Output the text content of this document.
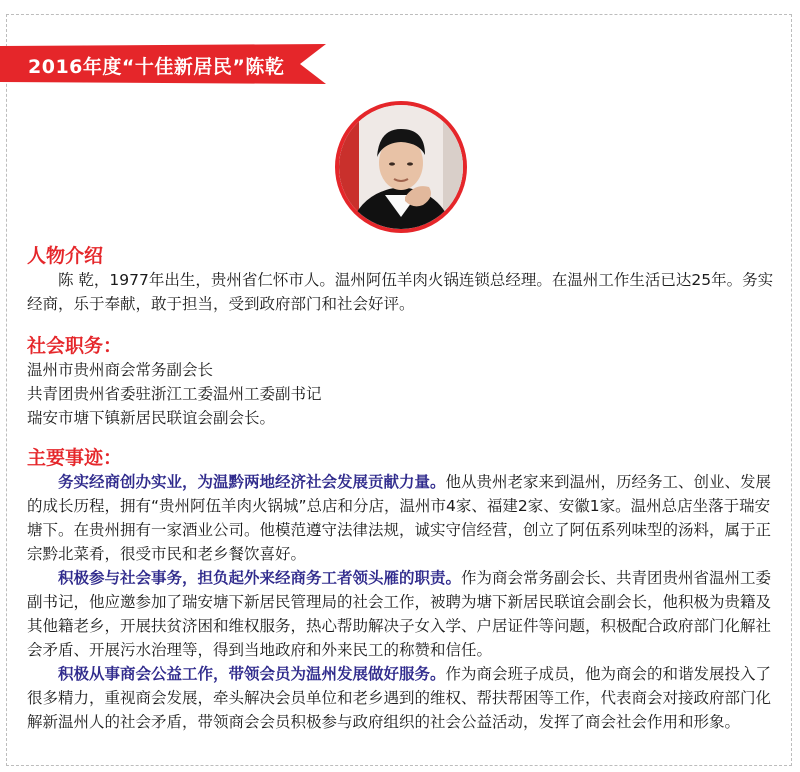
2016年度“十佳新居民”陈乾
人物介绍

陈 乾，1977年出生，贵州省仁怀市人。温州阿伍羊肉火锅连锁总经理。在温州工作生活已达25年。务实经商，乐于奉献，敢于担当，受到政府部门和社会好评。

社会职务：
温州市贵州商会常务副会长
共青团贵州省委驻浙江工委温州工委副书记
瑞安市塘下镇新居民联谊会副会长。
主要事迹：

务实经商创办实业，为温黔两地经济社会发展贡献力量。他从贵州老家来到温州，历经务工、创业、发展的成长历程，拥有“贵州阿伍羊肉火锅城”总店和分店，温州市4家、福建2家、安徽1家。温州总店坐落于瑞安塘下。在贵州拥有一家酒业公司。他模范遵守法律法规，诚实守信经营，创立了阿伍系列味型的汤料，属于正宗黔北菜肴，很受市民和老乡餐饮喜好。

积极参与社会事务，担负起外来经商务工者领头雁的职责。作为商会常务副会长、共青团贵州省温州工委副书记，他应邀参加了瑞安塘下新居民管理局的社会工作，被聘为塘下新居民联谊会副会长，他积极为贵籍及其他籍老乡，开展扶贫济困和维权服务，热心帮助解决子女入学、户居证件等问题，积极配合政府部门化解社会矛盾、开展污水治理等，得到当地政府和外来民工的称赞和信任。

积极从事商会公益工作，带领会员为温州发展做好服务。作为商会班子成员，他为商会的和谐发展投入了很多精力，重视商会发展，牵头解决会员单位和老乡遇到的维权、帮扶帮困等工作，代表商会对接政府部门化解新温州人的社会矛盾，带领商会会员积极参与政府组织的社会公益活动，发挥了商会社会作用和形象。
